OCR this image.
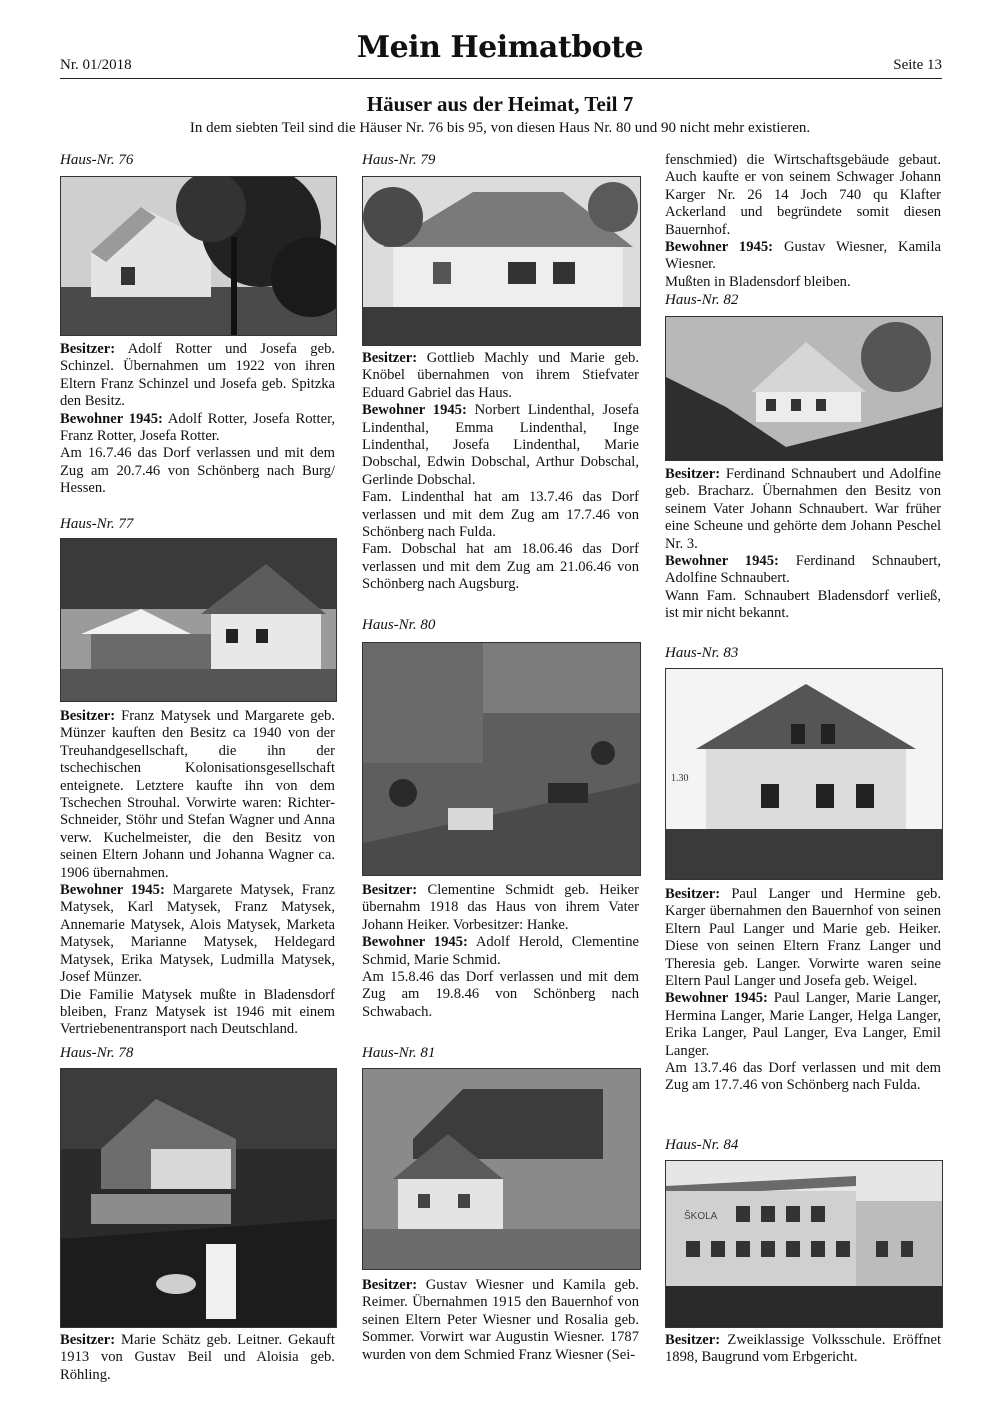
Nr. 01/2018	Mein Heimatbote	Seite 13
Häuser aus der Heimat, Teil 7
In dem siebten Teil sind die Häuser Nr. 76 bis 95, von diesen Haus Nr. 80 und 90 nicht mehr existieren.
Haus-Nr. 76

Besitzer: Adolf Rotter und Josefa geb. Schinzel. Übernahmen um 1922 von ihren Eltern Franz Schinzel und Josefa geb. Spitzka den Besitz.

Bewohner 1945: Adolf Rotter, Josefa Rotter, Franz Rotter, Josefa Rotter.

Am 16.7.46 das Dorf verlassen und mit dem Zug am 20.7.46 von Schönberg nach Burg/ Hessen.

Haus-Nr. 77

Besitzer: Franz Matysek und Margarete geb. Münzer kauften den Besitz ca 1940 von der Treuhandgesellschaft, die ihn der tschechischen Kolonisationsgesellschaft enteignete. Letztere kaufte ihn von dem Tschechen Strouhal. Vorwirte waren: Richter-Schneider, Stöhr und Stefan Wagner und Anna verw. Kuchelmeister, die den Besitz von seinen Eltern Johann und Johanna Wagner ca. 1906 übernahmen.

Bewohner 1945: Margarete Matysek, Franz Matysek, Karl Matysek, Franz Matysek, Annemarie Matysek, Alois Matysek, Marketa Matysek, Marianne Matysek, Heldegard Matysek, Erika Matysek, Ludmilla Matysek, Josef Münzer.

Die Familie Matysek mußte in Bladensdorf bleiben, Franz Matysek ist 1946 mit einem Vertriebenentransport nach Deutschland.

Haus-Nr. 78

Besitzer: Marie Schätz geb. Leitner. Gekauft 1913 von Gustav Beil und Aloisia geb. Röhling.

Haus-Nr. 79

Besitzer: Gottlieb Machly und Marie geb. Knöbel übernahmen von ihrem Stiefvater Eduard Gabriel das Haus.

Bewohner 1945: Norbert Lindenthal, Josefa Lindenthal, Emma Lindenthal, Inge Lindenthal, Josefa Lindenthal, Marie Dobschal, Edwin Dobschal, Arthur Dobschal, Gerlinde Dobschal.

Fam. Lindenthal hat am 13.7.46 das Dorf verlassen und mit dem Zug am 17.7.46 von Schönberg nach Fulda.

Fam. Dobschal hat am 18.06.46 das Dorf verlassen und mit dem Zug am 21.06.46 von Schönberg nach Augsburg.

Haus-Nr. 80

Besitzer: Clementine Schmidt geb. Heiker übernahm 1918 das Haus von ihrem Vater Johann Heiker. Vorbesitzer: Hanke.

Bewohner 1945: Adolf Herold, Clementine Schmid, Marie Schmid.

Am 15.8.46 das Dorf verlassen und mit dem Zug am 19.8.46 von Schönberg nach Schwabach.

Haus-Nr. 81

Besitzer: Gustav Wiesner und Kamila geb. Reimer. Übernahmen 1915 den Bauernhof von seinen Eltern Peter Wiesner und Rosalia geb. Sommer. Vorwirt war Augustin Wiesner. 1787 wurden von dem Schmied Franz Wiesner (Sei-

fenschmied) die Wirtschaftsgebäude gebaut. Auch kaufte er von seinem Schwager Johann Karger Nr. 26 14 Joch 740 qu Klafter Ackerland und begründete somit diesen Bauernhof.

Bewohner 1945: Gustav Wiesner, Kamila Wiesner.

Mußten in Bladensdorf bleiben.

Haus-Nr. 82

Besitzer: Ferdinand Schnaubert und Adolfine geb. Bracharz. Übernahmen den Besitz von seinem Vater Johann Schnaubert. War früher eine Scheune und gehörte dem Johann Peschel Nr. 3.

Bewohner 1945: Ferdinand Schnaubert, Adolfine Schnaubert.

Wann Fam. Schnaubert Bladensdorf verließ, ist mir nicht bekannt.

Haus-Nr. 83
1.30

Besitzer: Paul Langer und Hermine geb. Karger übernahmen den Bauernhof von seinen Eltern Paul Langer und Marie geb. Heiker. Diese von seinen Eltern Franz Langer und Theresia geb. Langer. Vorwirte waren seine Eltern Paul Langer und Josefa geb. Weigel.

Bewohner 1945: Paul Langer, Marie Langer, Hermina Langer, Marie Langer, Helga Langer, Erika Langer, Paul Langer, Eva Langer, Emil Langer.

Am 13.7.46 das Dorf verlassen und mit dem Zug am 17.7.46 von Schönberg nach Fulda.

Haus-Nr. 84
ŠKOLA

Besitzer: Zweiklassige Volksschule. Eröffnet 1898, Baugrund vom Erbgericht.
